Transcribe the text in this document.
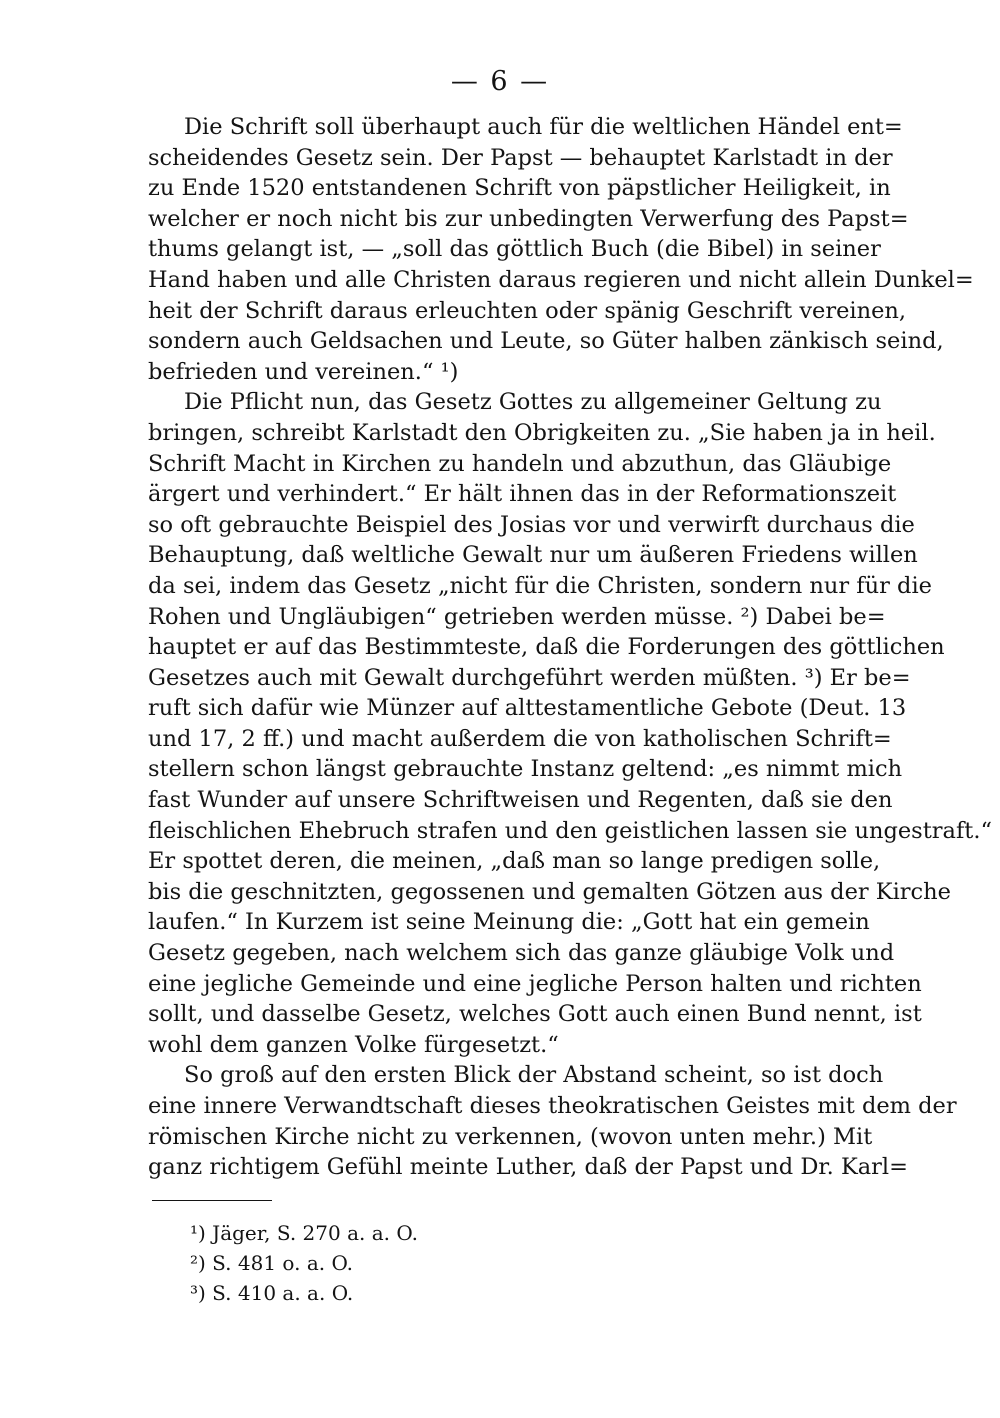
— 6 —
Die Schrift soll überhaupt auch für die weltlichen Händel ent=
scheidendes Gesetz sein. Der Papst — behauptet Karlstadt in der
zu Ende 1520 entstandenen Schrift von päpstlicher Heiligkeit, in
welcher er noch nicht bis zur unbedingten Verwerfung des Papst=
thums gelangt ist, — „soll das göttlich Buch (die Bibel) in seiner
Hand haben und alle Christen daraus regieren und nicht allein Dunkel=
heit der Schrift daraus erleuchten oder spänig Geschrift vereinen,
sondern auch Geldsachen und Leute, so Güter halben zänkisch seind,
befrieden und vereinen.“ ¹)
Die Pflicht nun, das Gesetz Gottes zu allgemeiner Geltung zu
bringen, schreibt Karlstadt den Obrigkeiten zu. „Sie haben ja in heil.
Schrift Macht in Kirchen zu handeln und abzuthun, das Gläubige
ärgert und verhindert.“ Er hält ihnen das in der Reformationszeit
so oft gebrauchte Beispiel des Josias vor und verwirft durchaus die
Behauptung, daß weltliche Gewalt nur um äußeren Friedens willen
da sei, indem das Gesetz „nicht für die Christen, sondern nur für die
Rohen und Ungläubigen“ getrieben werden müsse. ²) Dabei be=
hauptet er auf das Bestimmteste, daß die Forderungen des göttlichen
Gesetzes auch mit Gewalt durchgeführt werden müßten. ³) Er be=
ruft sich dafür wie Münzer auf alttestamentliche Gebote (Deut. 13
und 17, 2 ff.) und macht außerdem die von katholischen Schrift=
stellern schon längst gebrauchte Instanz geltend: „es nimmt mich
fast Wunder auf unsere Schriftweisen und Regenten, daß sie den
fleischlichen Ehebruch strafen und den geistlichen lassen sie ungestraft.“
Er spottet deren, die meinen, „daß man so lange predigen solle,
bis die geschnitzten, gegossenen und gemalten Götzen aus der Kirche
laufen.“ In Kurzem ist seine Meinung die: „Gott hat ein gemein
Gesetz gegeben, nach welchem sich das ganze gläubige Volk und
eine jegliche Gemeinde und eine jegliche Person halten und richten
sollt, und dasselbe Gesetz, welches Gott auch einen Bund nennt, ist
wohl dem ganzen Volke fürgesetzt.“
So groß auf den ersten Blick der Abstand scheint, so ist doch
eine innere Verwandtschaft dieses theokratischen Geistes mit dem der
römischen Kirche nicht zu verkennen, (wovon unten mehr.) Mit
ganz richtigem Gefühl meinte Luther, daß der Papst und Dr. Karl=
¹) Jäger, S. 270 a. a. O.
²) S. 481 o. a. O.
³) S. 410 a. a. O.
